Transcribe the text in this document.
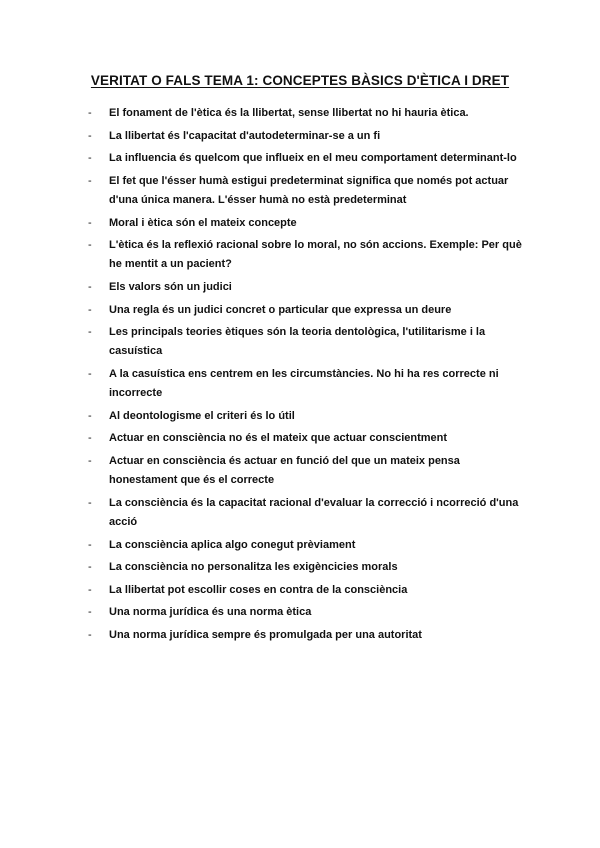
VERITAT O FALS TEMA 1: CONCEPTES BÀSICS D'ÈTICA I DRET
- El fonament de l'ètica és la llibertat, sense llibertat no hi hauria ètica.
- La llibertat és l'capacitat d'autodeterminar-se a un fi
- La influencia és quelcom que influeix en el meu comportament determinant-lo
- El fet que l'ésser humà estigui predeterminat significa que només pot actuar d'una única manera. L'ésser humà no està predeterminat
- Moral i ètica són el mateix concepte
- L'ètica és la reflexió racional sobre lo moral, no són accions. Exemple: Per què he mentit a un pacient?
- Els valors són un judici
- Una regla és un judici concret o particular que expressa un deure
- Les principals teories ètiques són la teoria dentològica, l'utilitarisme i la casuística
- A la casuística ens centrem en les circumstàncies. No hi ha res correcte ni incorrecte
- Al deontologisme el criteri és lo útil
- Actuar en consciència no és el mateix que actuar conscientment
- Actuar en consciència és actuar en funció del que un mateix pensa honestament que és el correcte
- La consciència és la capacitat racional d'evaluar la correcció i ncorreció d'una acció
- La consciència aplica algo conegut prèviament
- La consciència no personalitza les exigèncicies morals
- La llibertat pot escollir coses en contra de la consciència
- Una norma jurídica és una norma ètica
- Una norma jurídica sempre és promulgada per una autoritat
